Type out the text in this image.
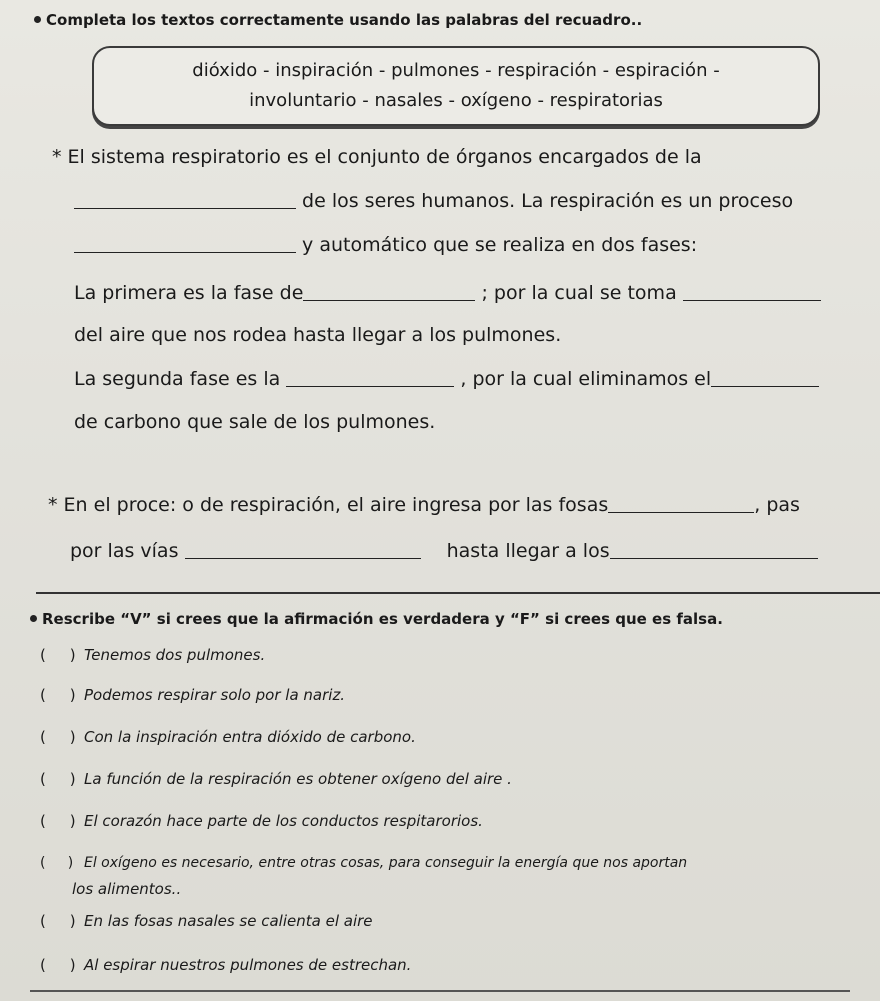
Completa los textos correctamente usando las palabras del recuadro..
dióxido - inspiración - pulmones - respiración - espiración -
involuntario - nasales - oxígeno - respiratorias
* El sistema respiratorio es el conjunto de órganos encargados de la
de los seres humanos. La respiración es un proceso
y automático que se realiza en dos fases:
La primera es la fase de	; por la cual se toma
del aire que nos rodea hasta llegar a los pulmones.
La segunda fase es la	, por la cual eliminamos el
de carbono que sale de los pulmones.
* En el proce: o de respiración, el aire ingresa por las fosas	, pas
por las vías	hasta llegar a los
Rescribe “V” si crees que la afirmación es verdadera y “F” si crees que es falsa.
( ) Tenemos dos pulmones.
( ) Podemos respirar solo por la nariz.
( ) Con la inspiración entra dióxido de carbono.
( ) La función de la respiración es obtener oxígeno del aire .
( ) El corazón hace parte de los conductos respitarorios.
( ) El oxígeno es necesario, entre otras cosas, para conseguir la energía que nos aportan
los alimentos..
( ) En las fosas nasales se calienta el aire
( ) Al espirar nuestros pulmones de estrechan.
